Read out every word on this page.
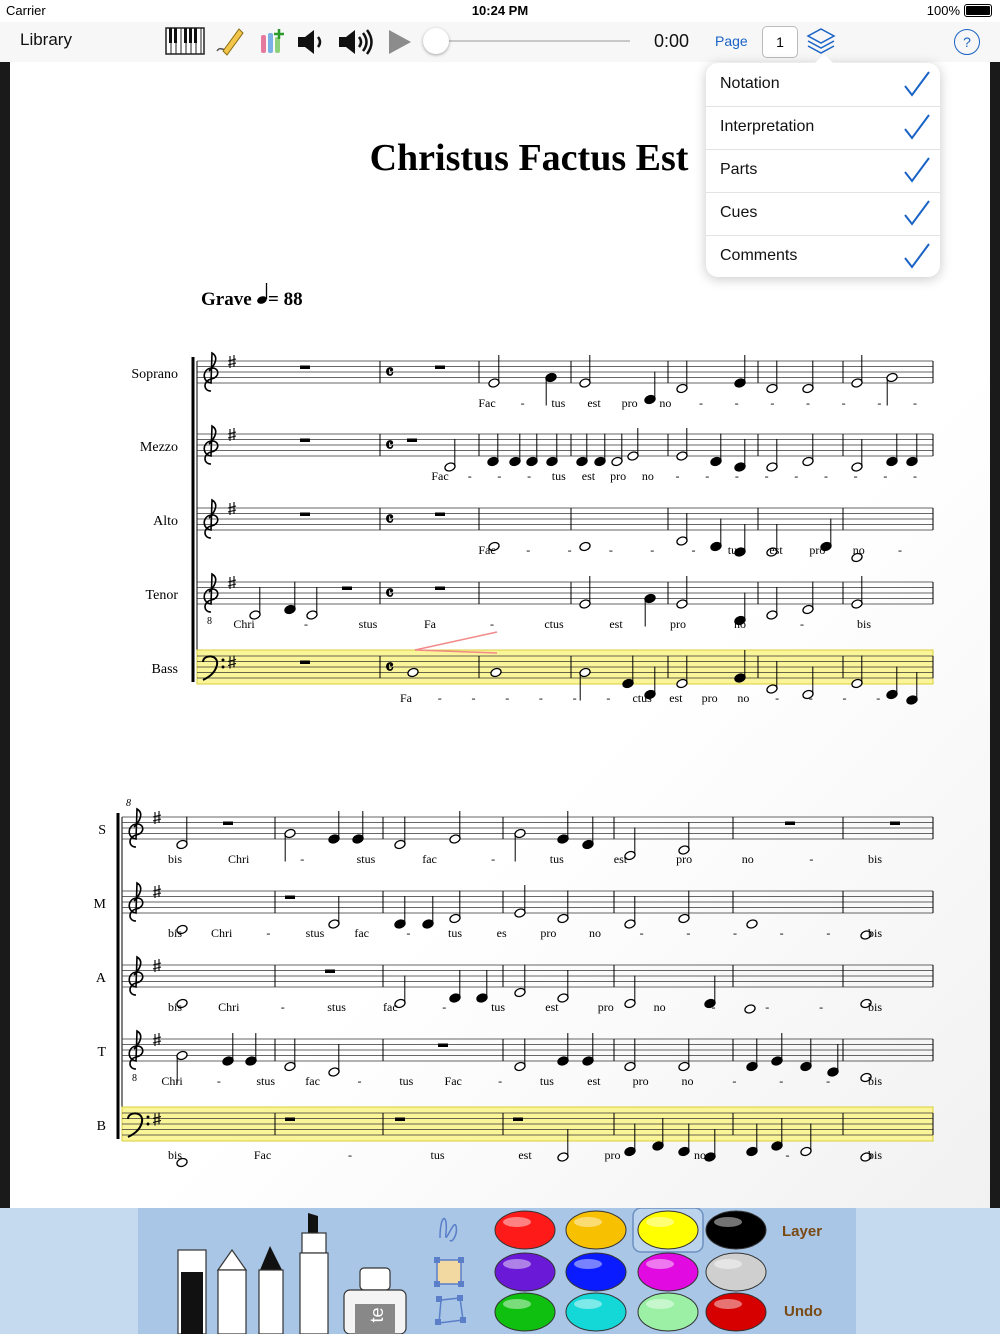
Carrier	10:24 PM	100%
Library	0:00 Page	1	?
Christus Factus Est
Grave = 88
Soprano	𝄴
Fac - tus est pro no -	-	-	-	-	-	-
Mezzo	𝄴
Fac - - - tus est pro no - - - - - - - - -
Alto	𝄴
Fac	-	-	-	-	-	tus est pro no	-
Tenor
8
𝄴
Chri	-	stus	Fa	-	ctus	est	pro	no	-	bis
Bass	𝄴
Fa - - - - - - ctus est pro no - - - - -
8
S
bis	Chri	-	stus	fac	-	tus	est	pro	no	-	bis
M
bis Chri	-	stus fac	-	tus	es	pro	no	-	-	-	-	-	bis
A
bis	Chri	-	stus	fac	-	tus	est	pro	no	-	-	-	bis
T
8 Chri	-	stus	fac	-	tus	Fac	-	tus	est	pro	no	-	-	-	bis
B
bis	Fac	-	tus	est	pro	no	-	bis
Notation
Interpretation
Parts
Cues
Comments
te
Layer
Undo
